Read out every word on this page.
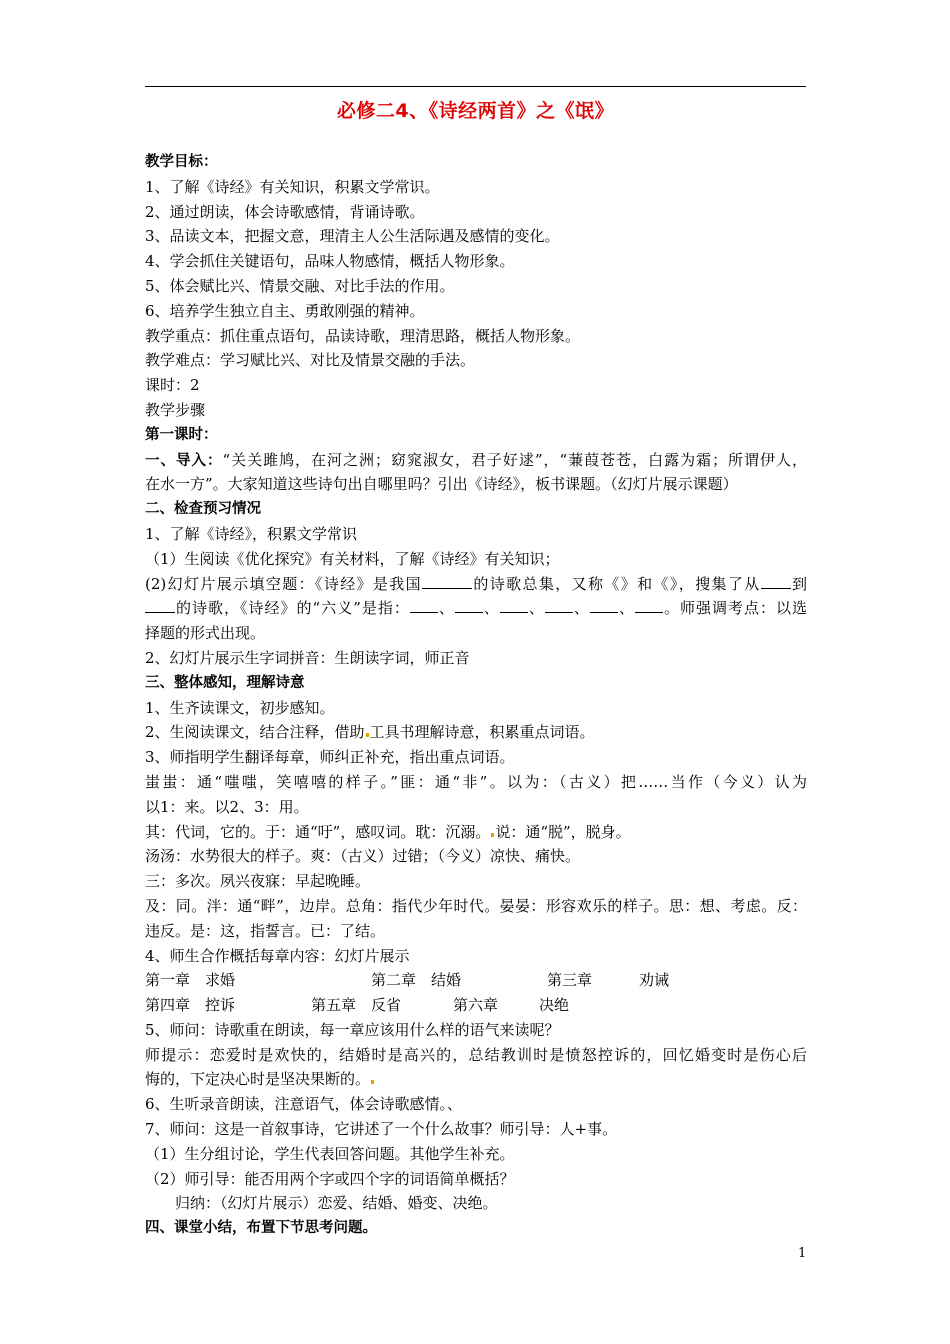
必修二4、《诗经两首》之《氓》
教学目标：
1、了解《诗经》有关知识，积累文学常识。
2、通过朗读，体会诗歌感情，背诵诗歌。
3、品读文本，把握文意，理清主人公生活际遇及感情的变化。
4、学会抓住关键语句，品味人物感情，概括人物形象。
5、体会赋比兴、情景交融、对比手法的作用。
6、培养学生独立自主、勇敢刚强的精神。
教学重点：抓住重点语句，品读诗歌，理清思路，概括人物形象。
教学难点：学习赋比兴、对比及情景交融的手法。
课时：2
教学步骤
第一课时：
一、导入：“关关雎鸠，在河之洲；窈窕淑女，君子好逑”，“蒹葭苍苍，白露为霜；所谓伊人，
在水一方”。大家知道这些诗句出自哪里吗？引出《诗经》，板书课题。（幻灯片展示课题）
二、检查预习情况
1、了解《诗经》，积累文学常识
（1）生阅读《优化探究》有关材料，了解《诗经》有关知识；
(2)幻灯片展示填空题：《诗经》是我国	的诗歌总集，又称《》和《》，搜集了从 到
的诗歌，《诗经》的“六义”是指： 、 、 、 、 、 。师强调考点：以选
择题的形式出现。
2、幻灯片展示生字词拼音：生朗读字词，师正音
三、整体感知，理解诗意
1、生齐读课文，初步感知。
2、生阅读课文，结合注释，借助 工具书理解诗意，积累重点词语。
3、师指明学生翻译每章，师纠正补充，指出重点词语。
蚩蚩：通“嗤嗤，笑嘻嘻的样子。”匪：通“非”。以为：（古义）把……当作（今义）认为
以1：来。以2、3：用。
其：代词，它的。于：通“吁”，感叹词。耽：沉溺。 说：通“脱”，脱身。
汤汤：水势很大的样子。爽：（古义）过错；（今义）凉快、痛快。
三：多次。夙兴夜寐：早起晚睡。
及：同。泮：通“畔”，边岸。总角：指代少年时代。晏晏：形容欢乐的样子。思：想、考虑。反：
违反。是：这，指誓言。已：了结。
4、师生合作概括每章内容：幻灯片展示
第一章　求婚	第二章　结婚	第三章	劝诫
第四章　控诉	第五章　反省	第六章	决绝
5、师问：诗歌重在朗读，每一章应该用什么样的语气来读呢？
师提示：恋爱时是欢快的，结婚时是高兴的，总结教训时是愤怒控诉的，回忆婚变时是伤心后
悔的，下定决心时是坚决果断的。
6、生听录音朗读，注意语气，体会诗歌感情。、
7、师问：这是一首叙事诗，它讲述了一个什么故事？师引导：人+事。
（1）生分组讨论，学生代表回答问题。其他学生补充。
（2）师引导：能否用两个字或四个字的词语简单概括？
归纳：（幻灯片展示）恋爱、结婚、婚变、决绝。
四、课堂小结，布置下节思考问题。
1
